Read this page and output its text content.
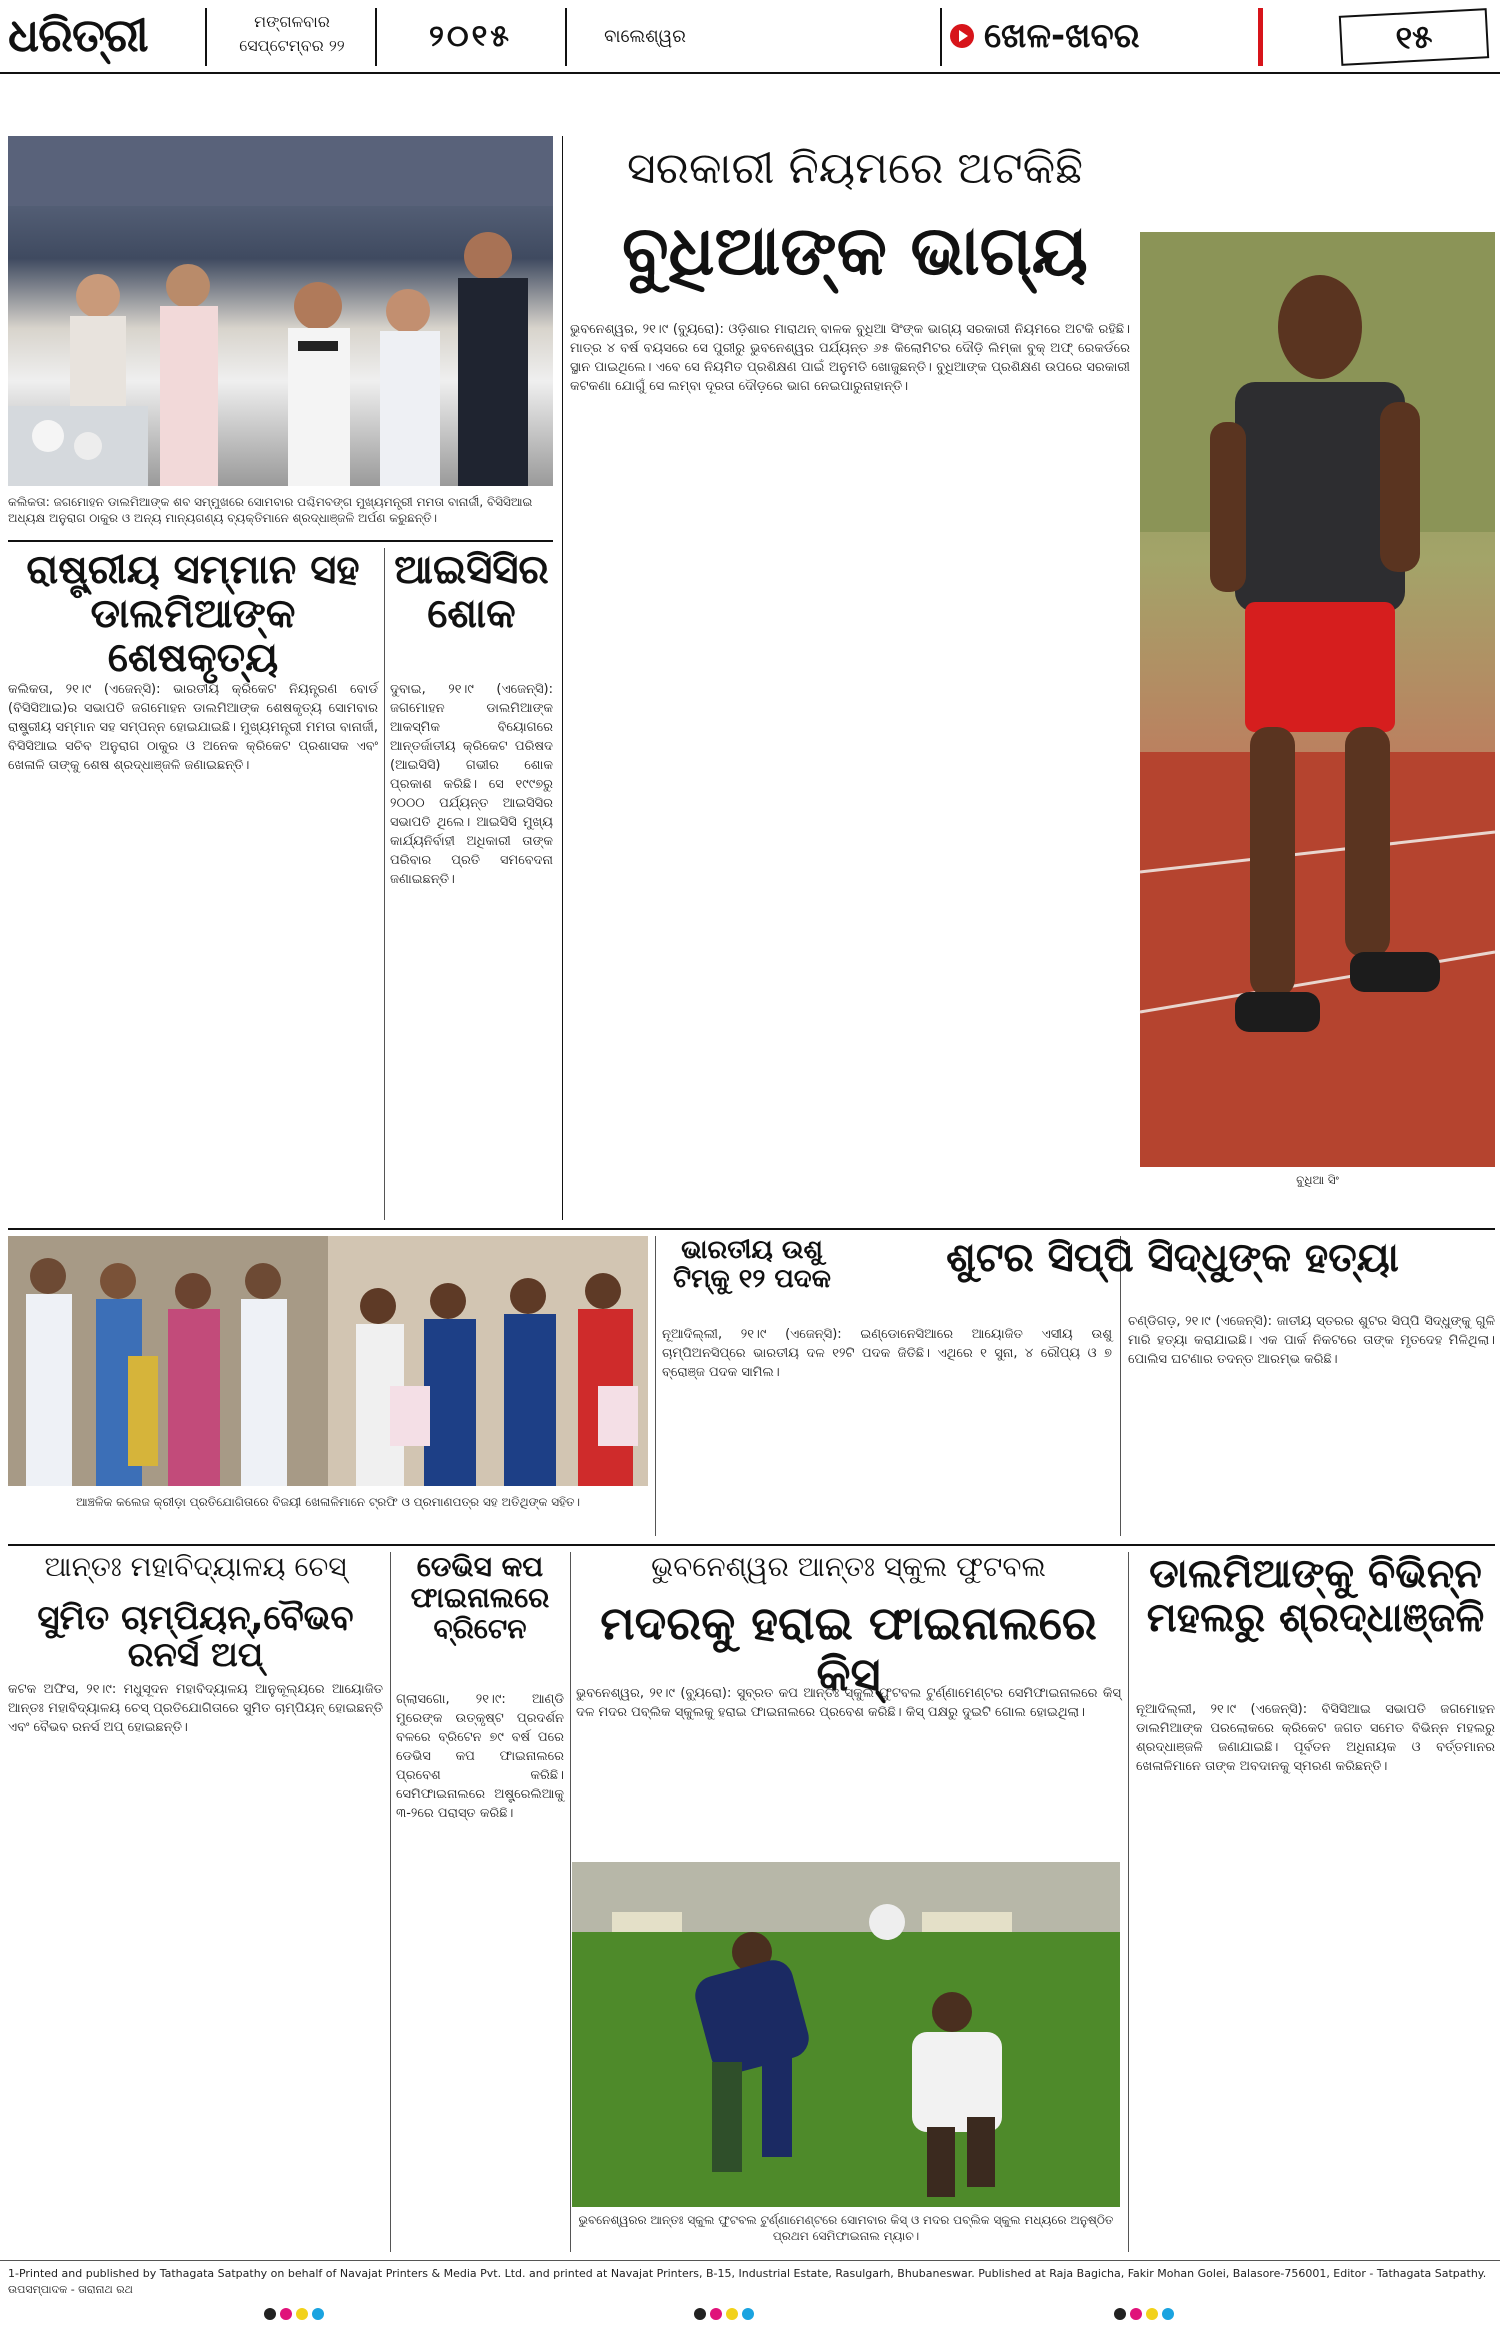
ଧରିତ୍ରୀ	ମଙ୍ଗଳବାର
ସେପ୍ଟେମ୍ବର ୨୨	୨୦୧୫	ବାଲେଶ୍ୱର	ଖେଳ-ଖବର	୧୫
କଲିକତା: ଜଗମୋହନ ଡାଲମିଆଙ୍କ ଶବ ସମ୍ମୁଖରେ ସୋମବାର ପଶ୍ଚିମବଙ୍ଗ ମୁଖ୍ୟମନ୍ତ୍ରୀ ମମତା ବାନାର୍ଜୀ, ବିସିସିଆଇ ଅଧ୍ୟକ୍ଷ ଅନୁରାଗ ଠାକୁର ଓ ଅନ୍ୟ ମାନ୍ୟଗଣ୍ୟ ବ୍ୟକ୍ତିମାନେ ଶ୍ରଦ୍ଧାଞ୍ଜଳି ଅର୍ପଣ କରୁଛନ୍ତି।
ରାଷ୍ଟ୍ରୀୟ ସମ୍ମାନ ସହ ଡାଲମିଆଙ୍କ ଶେଷକୃତ୍ୟ
କଲିକତା, ୨୧।୯ (ଏଜେନ୍ସି): ଭାରତୀୟ କ୍ରିକେଟ ନିୟନ୍ତ୍ରଣ ବୋର୍ଡ (ବିସିସିଆଇ)ର ସଭାପତି ଜଗମୋହନ ଡାଲମିଆଙ୍କ ଶେଷକୃତ୍ୟ ସୋମବାର ରାଷ୍ଟ୍ରୀୟ ସମ୍ମାନ ସହ ସମ୍ପନ୍ନ ହୋଇଯାଇଛି। ମୁଖ୍ୟମନ୍ତ୍ରୀ ମମତା ବାନାର୍ଜୀ, ବିସିସିଆଇ ସଚିବ ଅନୁରାଗ ଠାକୁର ଓ ଅନେକ କ୍ରିକେଟ ପ୍ରଶାସକ ଏବଂ ଖେଳାଳି ତାଙ୍କୁ ଶେଷ ଶ୍ରଦ୍ଧାଞ୍ଜଳି ଜଣାଇଛନ୍ତି।
ଆଇସିସିର ଶୋକ
ଦୁବାଇ, ୨୧।୯ (ଏଜେନ୍ସି): ଜଗମୋହନ ଡାଲମିଆଙ୍କ ଆକସ୍ମିକ ବିୟୋଗରେ ଆନ୍ତର୍ଜାତୀୟ କ୍ରିକେଟ ପରିଷଦ (ଆଇସିସି) ଗଭୀର ଶୋକ ପ୍ରକାଶ କରିଛି। ସେ ୧୯୯୭ରୁ ୨୦୦୦ ପର୍ଯ୍ୟନ୍ତ ଆଇସିସିର ସଭାପତି ଥିଲେ। ଆଇସିସି ମୁଖ୍ୟ କାର୍ଯ୍ୟନିର୍ବାହୀ ଅଧିକାରୀ ତାଙ୍କ ପରିବାର ପ୍ରତି ସମବେଦନା ଜଣାଇଛନ୍ତି।
ସରକାରୀ ନିୟମରେ ଅଟକିଛି
ବୁଧିଆଙ୍କ ଭାଗ୍ୟ
ଭୁବନେଶ୍ୱର, ୨୧।୯ (ବ୍ୟୁରୋ): ଓଡ଼ିଶାର ମାରାଥନ୍ ବାଳକ ବୁଧିଆ ସିଂଙ୍କ ଭାଗ୍ୟ ସରକାରୀ ନିୟମରେ ଅଟକି ରହିଛି। ମାତ୍ର ୪ ବର୍ଷ ବୟସରେ ସେ ପୁରୀରୁ ଭୁବନେଶ୍ୱର ପର୍ଯ୍ୟନ୍ତ ୬୫ କିଲୋମିଟର ଦୌଡ଼ି ଲିମ୍କା ବୁକ୍ ଅଫ୍ ରେକର୍ଡରେ ସ୍ଥାନ ପାଇଥିଲେ। ଏବେ ସେ ନିୟମିତ ପ୍ରଶିକ୍ଷଣ ପାଇଁ ଅନୁମତି ଖୋଜୁଛନ୍ତି। ବୁଧିଆଙ୍କ ପ୍ରଶିକ୍ଷଣ ଉପରେ ସରକାରୀ କଟକଣା ଯୋଗୁଁ ସେ ଲମ୍ବା ଦୂରତା ଦୌଡ଼ରେ ଭାଗ ନେଇପାରୁନାହାନ୍ତି।
ବୁଧିଆ ସିଂ
ଆଞ୍ଚଳିକ କଲେଜ କ୍ରୀଡ଼ା ପ୍ରତିଯୋଗିତାରେ ବିଜୟୀ ଖେଳାଳିମାନେ ଟ୍ରଫି ଓ ପ୍ରମାଣପତ୍ର ସହ ଅତିଥିଙ୍କ ସହିତ।
ଭାରତୀୟ ଉଶୁ ଟିମ୍‌କୁ ୧୨ ପଦକ
ନୂଆଦିଲ୍ଲୀ, ୨୧।୯ (ଏଜେନ୍ସି): ଇଣ୍ଡୋନେସିଆରେ ଆୟୋଜିତ ଏସୀୟ ଉଶୁ ଚାମ୍ପିଅନସିପ୍‌ରେ ଭାରତୀୟ ଦଳ ୧୨ଟି ପଦକ ଜିତିଛି। ଏଥିରେ ୧ ସୁନା, ୪ ରୌପ୍ୟ ଓ ୭ ବ୍ରୋଞ୍ଜ ପଦକ ସାମିଲ।
ଶୁଟର ସିପ୍ପି ସିଦ୍ଧୁଙ୍କ ହତ୍ୟା
ଚଣ୍ଡିଗଡ଼, ୨୧।୯ (ଏଜେନ୍ସି): ଜାତୀୟ ସ୍ତରର ଶୁଟର ସିପ୍ପି ସିଦ୍ଧୁଙ୍କୁ ଗୁଳି ମାରି ହତ୍ୟା କରାଯାଇଛି। ଏକ ପାର୍କ ନିକଟରେ ତାଙ୍କ ମୃତଦେହ ମିଳିଥିଲା। ପୋଲିସ ଘଟଣାର ତଦନ୍ତ ଆରମ୍ଭ କରିଛି।
ଆନ୍ତଃ ମହାବିଦ୍ୟାଳୟ ଚେସ୍
ସୁମିତ ଚାମ୍ପିୟନ୍,ବୈଭବ ରନର୍ସ ଅପ୍
କଟକ ଅଫିସ, ୨୧।୯: ମଧୁସୂଦନ ମହାବିଦ୍ୟାଳୟ ଆନୁକୂଲ୍ୟରେ ଆୟୋଜିତ ଆନ୍ତଃ ମହାବିଦ୍ୟାଳୟ ଚେସ୍ ପ୍ରତିଯୋଗିତାରେ ସୁମିତ ଚାମ୍ପିୟନ୍ ହୋଇଛନ୍ତି ଏବଂ ବୈଭବ ରନର୍ସ ଅପ୍ ହୋଇଛନ୍ତି।
ଡେଭିସ କପ ଫାଇନାଲରେ ବ୍ରିଟେନ
ଗ୍ଲାସଗୋ, ୨୧।୯: ଆଣ୍ଡି ମୁରେଙ୍କ ଉତ୍କୃଷ୍ଟ ପ୍ରଦର୍ଶନ ବଳରେ ବ୍ରିଟେନ ୭୯ ବର୍ଷ ପରେ ଡେଭିସ କପ ଫାଇନାଲରେ ପ୍ରବେଶ କରିଛି। ସେମିଫାଇନାଲରେ ଅଷ୍ଟ୍ରେଲିଆକୁ ୩-୨ରେ ପରାସ୍ତ କରିଛି।
ଭୁବନେଶ୍ୱର ଆନ୍ତଃ ସ୍କୁଲ ଫୁଟବଲ
ମଦରକୁ ହରାଇ ଫାଇନାଲରେ କିସ୍
ଭୁବନେଶ୍ୱର, ୨୧।୯ (ବ୍ୟୁରୋ): ସୁବ୍ରତ କପ ଆନ୍ତଃ ସ୍କୁଲ ଫୁଟବଲ ଟୁର୍ଣ୍ଣାମେଣ୍ଟର ସେମିଫାଇନାଲରେ କିସ୍ ଦଳ ମଦର ପବ୍ଲିକ ସ୍କୁଲକୁ ହରାଇ ଫାଇନାଲରେ ପ୍ରବେଶ କରିଛି। କିସ୍ ପକ୍ଷରୁ ଦୁଇଟି ଗୋଲ ହୋଇଥିଲା।
ଭୁବନେଶ୍ୱରର ଆନ୍ତଃ ସ୍କୁଲ ଫୁଟବଲ ଟୁର୍ଣ୍ଣାମେଣ୍ଟରେ ସୋମବାର କିସ୍ ଓ ମଦର ପବ୍ଲିକ ସ୍କୁଲ ମଧ୍ୟରେ ଅନୁଷ୍ଠିତ ପ୍ରଥମ ସେମିଫାଇନାଲ ମ୍ୟାଚ।
ଡାଲମିଆଙ୍କୁ ବିଭିନ୍ନ ମହଲରୁ ଶ୍ରଦ୍ଧାଞ୍ଜଳି
ନୂଆଦିଲ୍ଲୀ, ୨୧।୯ (ଏଜେନ୍ସି): ବିସିସିଆଇ ସଭାପତି ଜଗମୋହନ ଡାଲମିଆଙ୍କ ପରଲୋକରେ କ୍ରିକେଟ ଜଗତ ସମେତ ବିଭିନ୍ନ ମହଲରୁ ଶ୍ରଦ୍ଧାଞ୍ଜଳି ଜଣାଯାଇଛି। ପୂର୍ବତନ ଅଧିନାୟକ ଓ ବର୍ତ୍ତମାନର ଖେଳାଳିମାନେ ତାଙ୍କ ଅବଦାନକୁ ସ୍ମରଣ କରିଛନ୍ତି।
1-Printed and published by Tathagata Satpathy on behalf of Navajat Printers & Media Pvt. Ltd. and printed at Navajat Printers, B-15, Industrial Estate, Rasulgarh, Bhubaneswar. Published at Raja Bagicha, Fakir Mohan Golei, Balasore-756001, Editor - Tathagata Satpathy. ଉପସମ୍ପାଦକ - ତାରାନାଥ ରଥ
